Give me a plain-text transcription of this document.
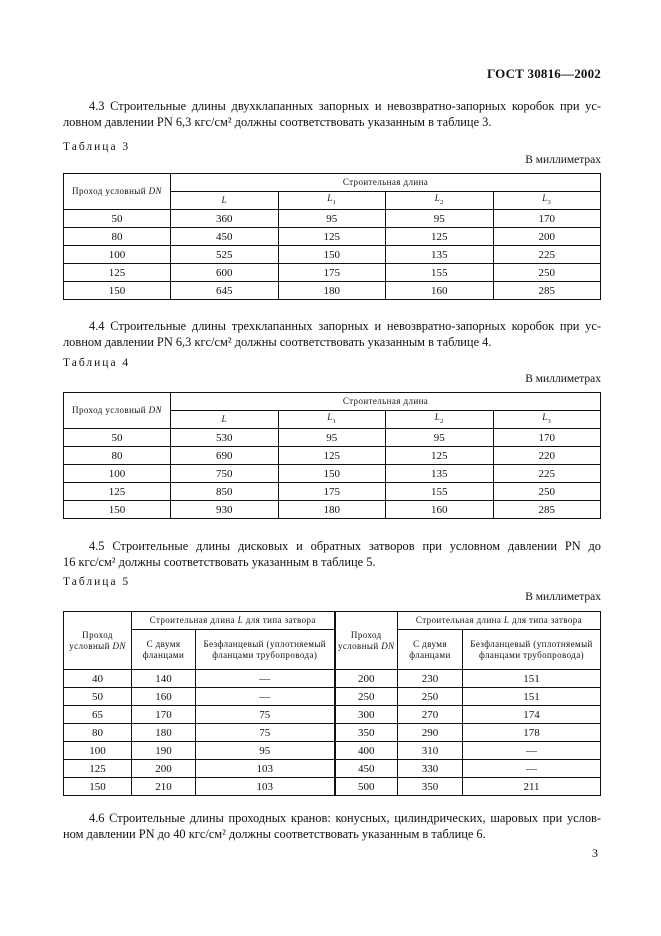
ГОСТ 30816—2002
4.3 Строительные длины двухклапанных запорных и невозвратно-запорных коробок при ус-
ловном давлении PN 6,3 кгс/см² должны соответствовать указанным в таблице 3.
Таблица 3
В миллиметрах
Проход условный DN	Строительная длина			
	L	$L_1$	$L_2$	$L_3$
50	360	95	95	170
80	450	125	125	200
100	525	150	135	225
125	600	175	155	250
150	645	180	160	285
4.4 Строительные длины трехклапанных запорных и невозвратно-запорных коробок при ус-
ловном давлении PN 6,3 кгс/см² должны соответствовать указанным в таблице 4.
Таблица 4
В миллиметрах
Проход условный DN	Строительная длина			
	L	$L_1$	$L_2$	$L_3$
50	530	95	95	170
80	690	125	125	220
100	750	150	135	225
125	850	175	155	250
150	930	180	160	285
4.5 Строительные длины дисковых и обратных затворов при условном давлении PN до
16 кгс/см² должны соответствовать указанным в таблице 5.
Таблица 5
В миллиметрах
Проход условный DN	Строительная длина L для типа затвора		Проход условный DN	Строительная длина L для типа затвора	
	С двумя фланцами	Безфланцевый (уплотняемый фланцами трубопровода)		С двумя фланцами	Безфланцевый (уплотняемый фланцами трубопровода)
40	140	—	200	230	151
50	160	—	250	250	151
65	170	75	300	270	174
80	180	75	350	290	178
100	190	95	400	310	—
125	200	103	450	330	—
150	210	103	500	350	211
4.6 Строительные длины проходных кранов: конусных, цилиндрических, шаровых при услов-
ном давлении PN до 40 кгс/см² должны соответствовать указанным в таблице 6.
3
